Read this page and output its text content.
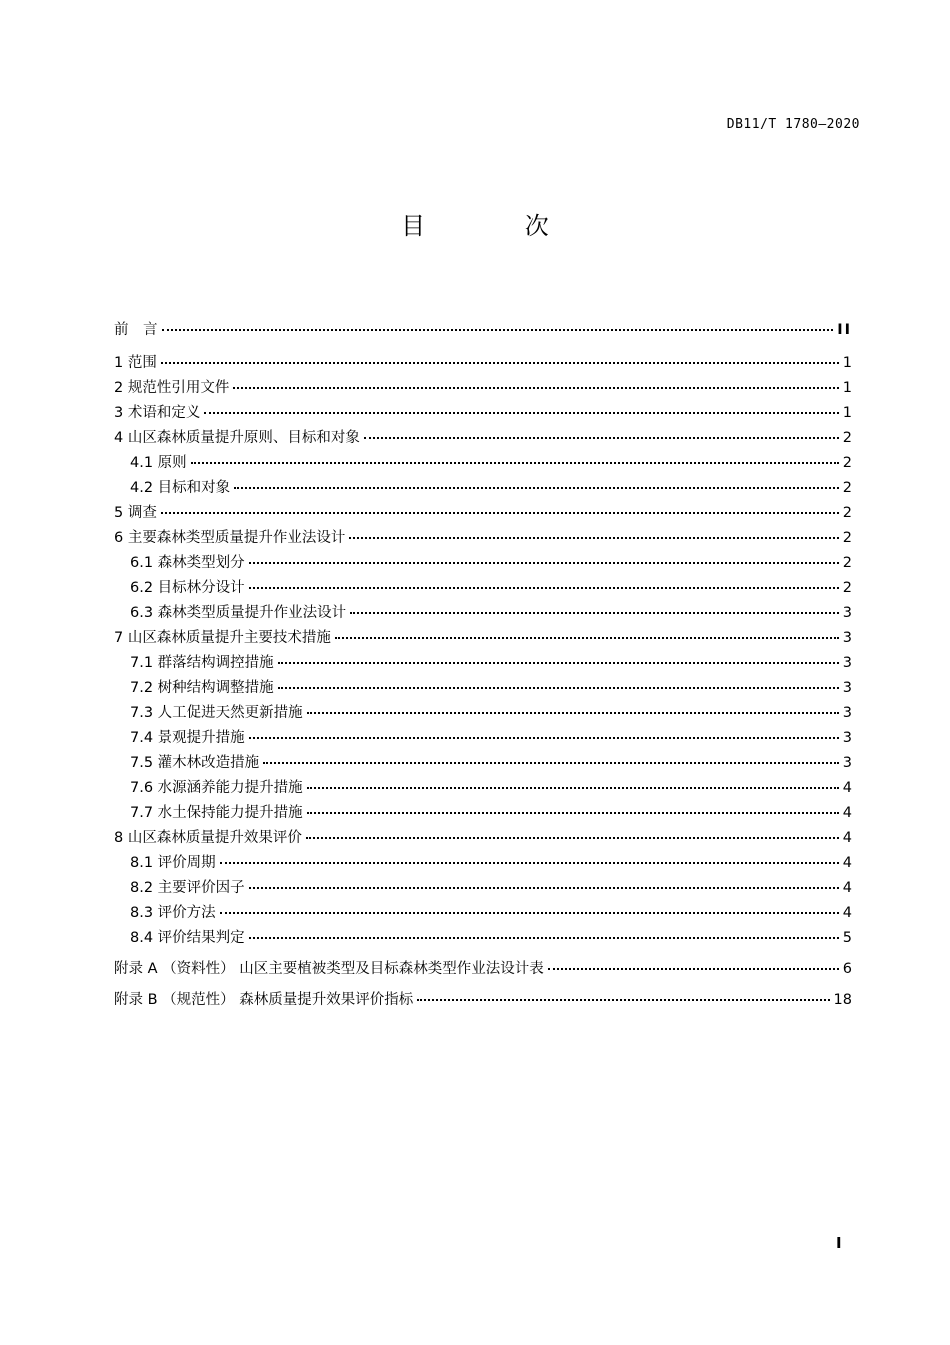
DB11/T 1780—2020
目 次
前　言	II
1 范围	1
2 规范性引用文件	1
3 术语和定义	1
4 山区森林质量提升原则、目标和对象	2
4.1 原则	2
4.2 目标和对象	2
5 调查	2
6 主要森林类型质量提升作业法设计	2
6.1 森林类型划分	2
6.2 目标林分设计	2
6.3 森林类型质量提升作业法设计	3
7 山区森林质量提升主要技术措施	3
7.1 群落结构调控措施	3
7.2 树种结构调整措施	3
7.3 人工促进天然更新措施	3
7.4 景观提升措施	3
7.5 灌木林改造措施	3
7.6 水源涵养能力提升措施	4
7.7 水土保持能力提升措施	4
8 山区森林质量提升效果评价	4
8.1 评价周期	4
8.2 主要评价因子	4
8.3 评价方法	4
8.4 评价结果判定	5
附录 A （资料性） 山区主要植被类型及目标森林类型作业法设计表	6
附录 B （规范性） 森林质量提升效果评价指标	18
I
